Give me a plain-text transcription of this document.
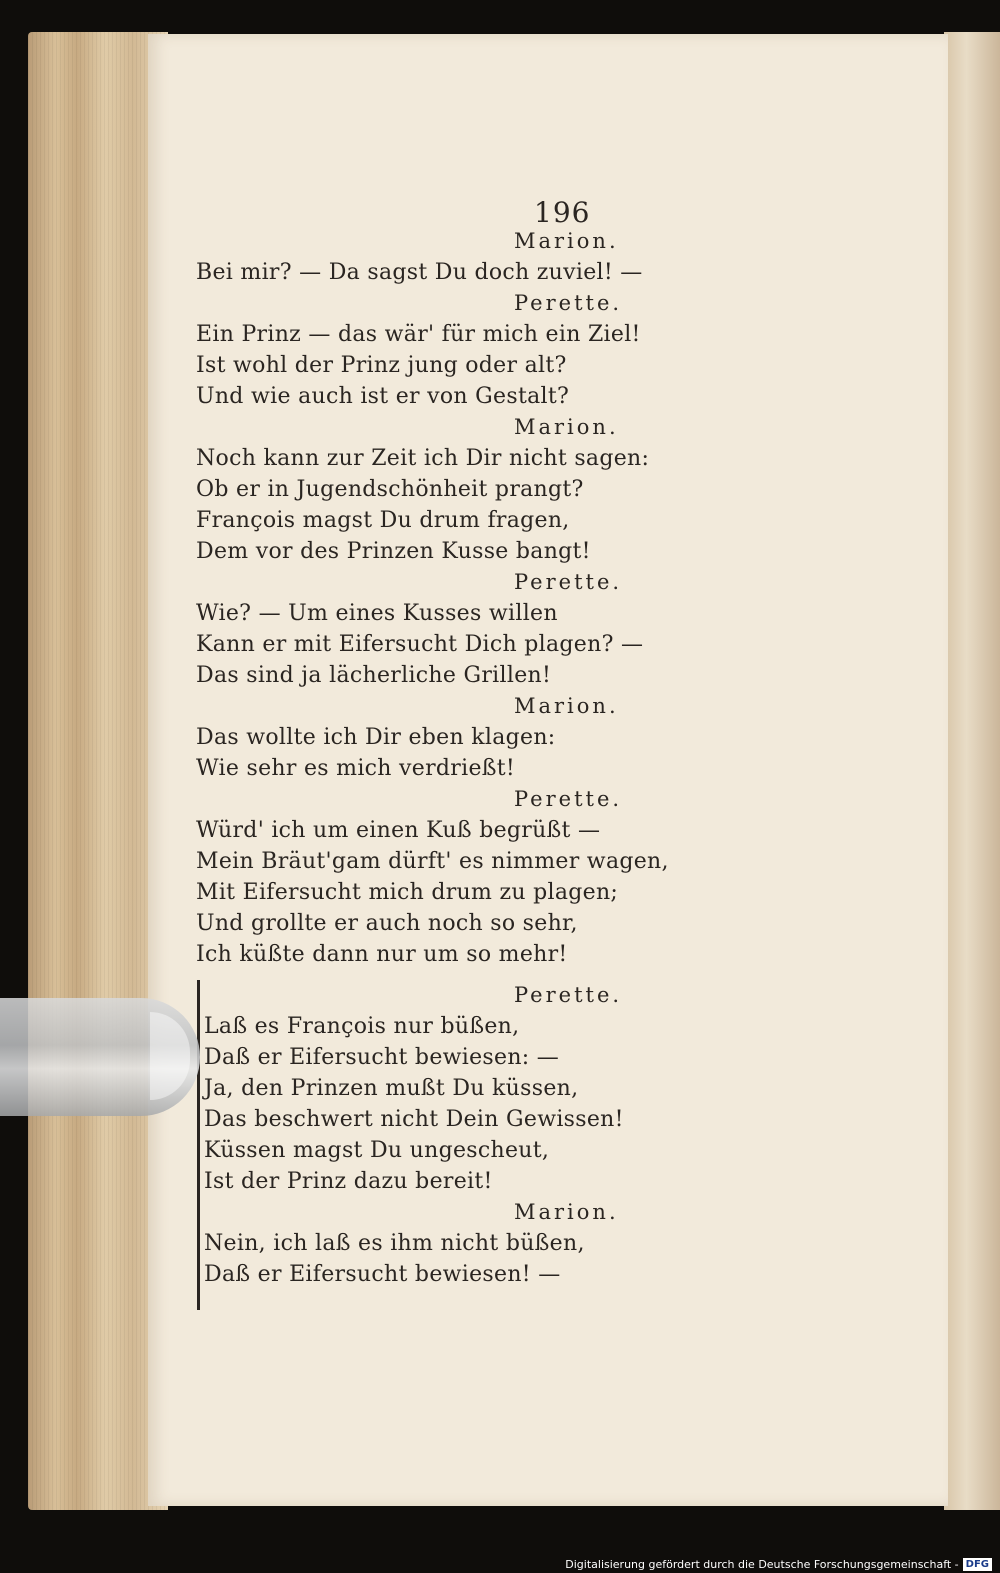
196
Marion.
Bei mir? — Da sagst Du doch zuviel! —
Perette.
Ein Prinz — das wär' für mich ein Ziel!
Ist wohl der Prinz jung oder alt?
Und wie auch ist er von Gestalt?
Marion.
Noch kann zur Zeit ich Dir nicht sagen:
Ob er in Jugendschönheit prangt?
François magst Du drum fragen,
Dem vor des Prinzen Kusse bangt!
Perette.
Wie? — Um eines Kusses willen
Kann er mit Eifersucht Dich plagen? —
Das sind ja lächerliche Grillen!
Marion.
Das wollte ich Dir eben klagen:
Wie sehr es mich verdrießt!
Perette.
Würd' ich um einen Kuß begrüßt —
Mein Bräut'gam dürft' es nimmer wagen,
Mit Eifersucht mich drum zu plagen;
Und grollte er auch noch so sehr,
Ich küßte dann nur um so mehr!
Perette.
Laß es François nur büßen,
Daß er Eifersucht bewiesen: —
Ja, den Prinzen mußt Du küssen,
Das beschwert nicht Dein Gewissen!
Küssen magst Du ungescheut,
Ist der Prinz dazu bereit!
Marion.
Nein, ich laß es ihm nicht büßen,
Daß er Eifersucht bewiesen! —
Digitalisierung gefördert durch die Deutsche Forschungsgemeinschaft - DFG
